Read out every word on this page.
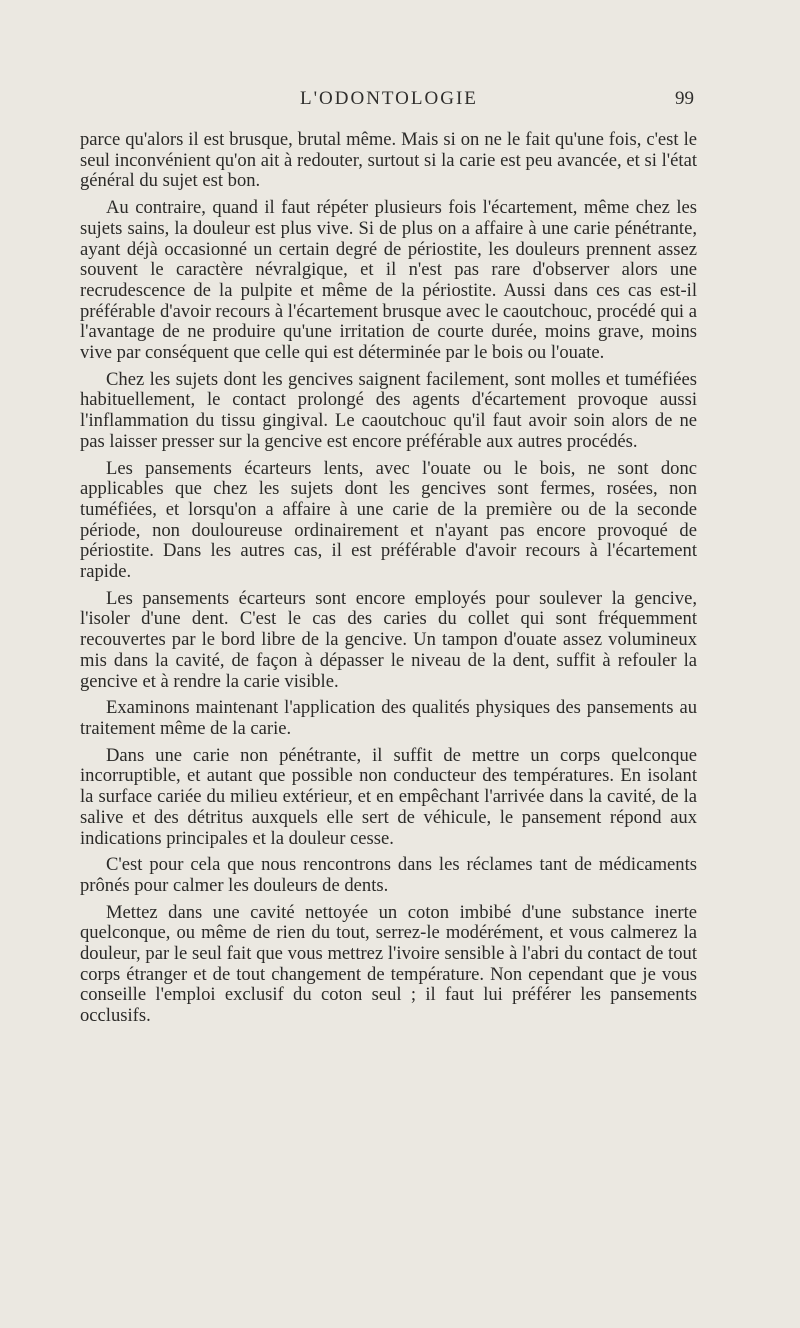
L'ODONTOLOGIE	99

parce qu'alors il est brusque, brutal même. Mais si on ne le fait qu'une fois, c'est le seul inconvénient qu'on ait à redouter, surtout si la carie est peu avancée, et si l'état général du sujet est bon.

Au contraire, quand il faut répéter plusieurs fois l'écartement, même chez les sujets sains, la douleur est plus vive. Si de plus on a affaire à une carie pénétrante, ayant déjà occasionné un certain degré de périostite, les douleurs prennent assez souvent le caractère névralgique, et il n'est pas rare d'observer alors une recrudescence de la pulpite et même de la périostite. Aussi dans ces cas est-il préférable d'avoir recours à l'écartement brusque avec le caoutchouc, procédé qui a l'avantage de ne produire qu'une irritation de courte durée, moins grave, moins vive par conséquent que celle qui est déterminée par le bois ou l'ouate.

Chez les sujets dont les gencives saignent facilement, sont molles et tuméfiées habituellement, le contact prolongé des agents d'écartement provoque aussi l'inflammation du tissu gingival. Le caoutchouc qu'il faut avoir soin alors de ne pas laisser presser sur la gencive est encore préférable aux autres procédés.

Les pansements écarteurs lents, avec l'ouate ou le bois, ne sont donc applicables que chez les sujets dont les gencives sont fermes, rosées, non tuméfiées, et lorsqu'on a affaire à une carie de la première ou de la seconde période, non douloureuse ordinairement et n'ayant pas encore provoqué de périostite. Dans les autres cas, il est préférable d'avoir recours à l'écartement rapide.

Les pansements écarteurs sont encore employés pour soulever la gencive, l'isoler d'une dent. C'est le cas des caries du collet qui sont fréquemment recouvertes par le bord libre de la gencive. Un tampon d'ouate assez volumineux mis dans la cavité, de façon à dépasser le niveau de la dent, suffit à refouler la gencive et à rendre la carie visible.

Examinons maintenant l'application des qualités physiques des pansements au traitement même de la carie.

Dans une carie non pénétrante, il suffit de mettre un corps quelconque incorruptible, et autant que possible non conducteur des températures. En isolant la surface cariée du milieu extérieur, et en empêchant l'arrivée dans la cavité, de la salive et des détritus auxquels elle sert de véhicule, le pansement répond aux indications principales et la douleur cesse.

C'est pour cela que nous rencontrons dans les réclames tant de médicaments prônés pour calmer les douleurs de dents.

Mettez dans une cavité nettoyée un coton imbibé d'une substance inerte quelconque, ou même de rien du tout, serrez-le modérément, et vous calmerez la douleur, par le seul fait que vous mettrez l'ivoire sensible à l'abri du contact de tout corps étranger et de tout changement de température. Non cependant que je vous conseille l'emploi exclusif du coton seul ; il faut lui préférer les pansements occlusifs.
